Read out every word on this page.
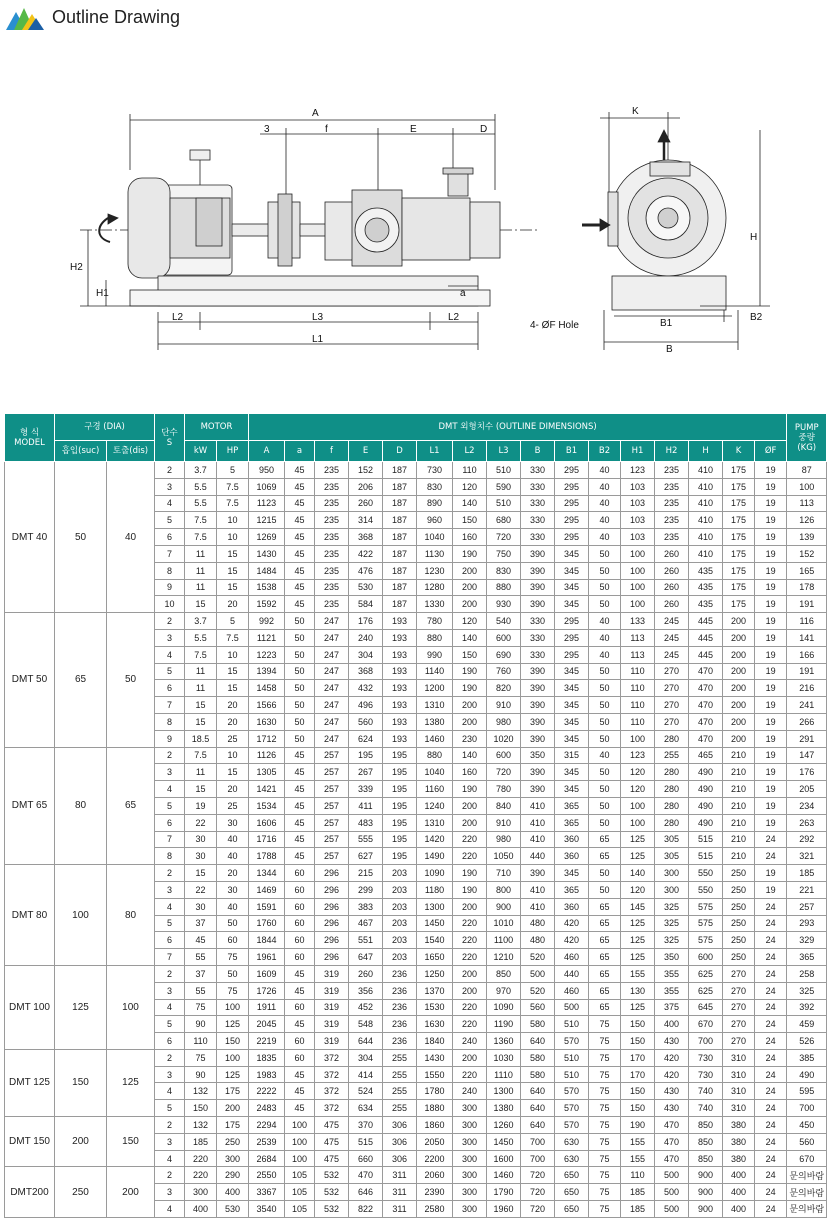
Outline Drawing
A
3	f	E	D
H2
H1	a
L2	L3	L2
L1
K
H
B1
B2
B
4- ØF Hole
형 식
MODEL	구경 (DIA)		단수
S	MOTOR		DMT 외형치수 (OUTLINE DIMENSIONS)																PUMP
중량
(KG)
	흡입(suc)	토출(dis)		kW	HP	A	a	f	E	D	L1	L2	L3	B	B1	B2	H1	H2	H	K	ØF	
DMT 40	50	40	2	3.7	5	950	45	235	152	187	730	110	510	330	295	40	123	235	410	175	19	87
			3	5.5	7.5	1069	45	235	206	187	830	120	590	330	295	40	103	235	410	175	19	100
			4	5.5	7.5	1123	45	235	260	187	890	140	510	330	295	40	103	235	410	175	19	113
			5	7.5	10	1215	45	235	314	187	960	150	680	330	295	40	103	235	410	175	19	126
			6	7.5	10	1269	45	235	368	187	1040	160	720	330	295	40	103	235	410	175	19	139
			7	11	15	1430	45	235	422	187	1130	190	750	390	345	50	100	260	410	175	19	152
			8	11	15	1484	45	235	476	187	1230	200	830	390	345	50	100	260	435	175	19	165
			9	11	15	1538	45	235	530	187	1280	200	880	390	345	50	100	260	435	175	19	178
			10	15	20	1592	45	235	584	187	1330	200	930	390	345	50	100	260	435	175	19	191
DMT 50	65	50	2	3.7	5	992	50	247	176	193	780	120	540	330	295	40	133	245	445	200	19	116
			3	5.5	7.5	1121	50	247	240	193	880	140	600	330	295	40	113	245	445	200	19	141
			4	7.5	10	1223	50	247	304	193	990	150	690	330	295	40	113	245	445	200	19	166
			5	11	15	1394	50	247	368	193	1140	190	760	390	345	50	110	270	470	200	19	191
			6	11	15	1458	50	247	432	193	1200	190	820	390	345	50	110	270	470	200	19	216
			7	15	20	1566	50	247	496	193	1310	200	910	390	345	50	110	270	470	200	19	241
			8	15	20	1630	50	247	560	193	1380	200	980	390	345	50	110	270	470	200	19	266
			9	18.5	25	1712	50	247	624	193	1460	230	1020	390	345	50	100	280	470	200	19	291
DMT 65	80	65	2	7.5	10	1126	45	257	195	195	880	140	600	350	315	40	123	255	465	210	19	147
			3	11	15	1305	45	257	267	195	1040	160	720	390	345	50	120	280	490	210	19	176
			4	15	20	1421	45	257	339	195	1160	190	780	390	345	50	120	280	490	210	19	205
			5	19	25	1534	45	257	411	195	1240	200	840	410	365	50	100	280	490	210	19	234
			6	22	30	1606	45	257	483	195	1310	200	910	410	365	50	100	280	490	210	19	263
			7	30	40	1716	45	257	555	195	1420	220	980	410	360	65	125	305	515	210	24	292
			8	30	40	1788	45	257	627	195	1490	220	1050	440	360	65	125	305	515	210	24	321
DMT 80	100	80	2	15	20	1344	60	296	215	203	1090	190	710	390	345	50	140	300	550	250	19	185
			3	22	30	1469	60	296	299	203	1180	190	800	410	365	50	120	300	550	250	19	221
			4	30	40	1591	60	296	383	203	1300	200	900	410	360	65	145	325	575	250	24	257
			5	37	50	1760	60	296	467	203	1450	220	1010	480	420	65	125	325	575	250	24	293
			6	45	60	1844	60	296	551	203	1540	220	1100	480	420	65	125	325	575	250	24	329
			7	55	75	1961	60	296	647	203	1650	220	1210	520	460	65	125	350	600	250	24	365
DMT 100	125	100	2	37	50	1609	45	319	260	236	1250	200	850	500	440	65	155	355	625	270	24	258
			3	55	75	1726	45	319	356	236	1370	200	970	520	460	65	130	355	625	270	24	325
			4	75	100	1911	60	319	452	236	1530	220	1090	560	500	65	125	375	645	270	24	392
			5	90	125	2045	45	319	548	236	1630	220	1190	580	510	75	150	400	670	270	24	459
			6	110	150	2219	60	319	644	236	1840	240	1360	640	570	75	150	430	700	270	24	526
DMT 125	150	125	2	75	100	1835	60	372	304	255	1430	200	1030	580	510	75	170	420	730	310	24	385
			3	90	125	1983	45	372	414	255	1550	220	1110	580	510	75	170	420	730	310	24	490
			4	132	175	2222	45	372	524	255	1780	240	1300	640	570	75	150	430	740	310	24	595
			5	150	200	2483	45	372	634	255	1880	300	1380	640	570	75	150	430	740	310	24	700
DMT 150	200	150	2	132	175	2294	100	475	370	306	1860	300	1260	640	570	75	190	470	850	380	24	450
			3	185	250	2539	100	475	515	306	2050	300	1450	700	630	75	155	470	850	380	24	560
			4	220	300	2684	100	475	660	306	2200	300	1600	700	630	75	155	470	850	380	24	670
DMT200	250	200	2	220	290	2550	105	532	470	311	2060	300	1460	720	650	75	110	500	900	400	24	문의바람
			3	300	400	3367	105	532	646	311	2390	300	1790	720	650	75	185	500	900	400	24	문의바람
			4	400	530	3540	105	532	822	311	2580	300	1960	720	650	75	185	500	900	400	24	문의바람
